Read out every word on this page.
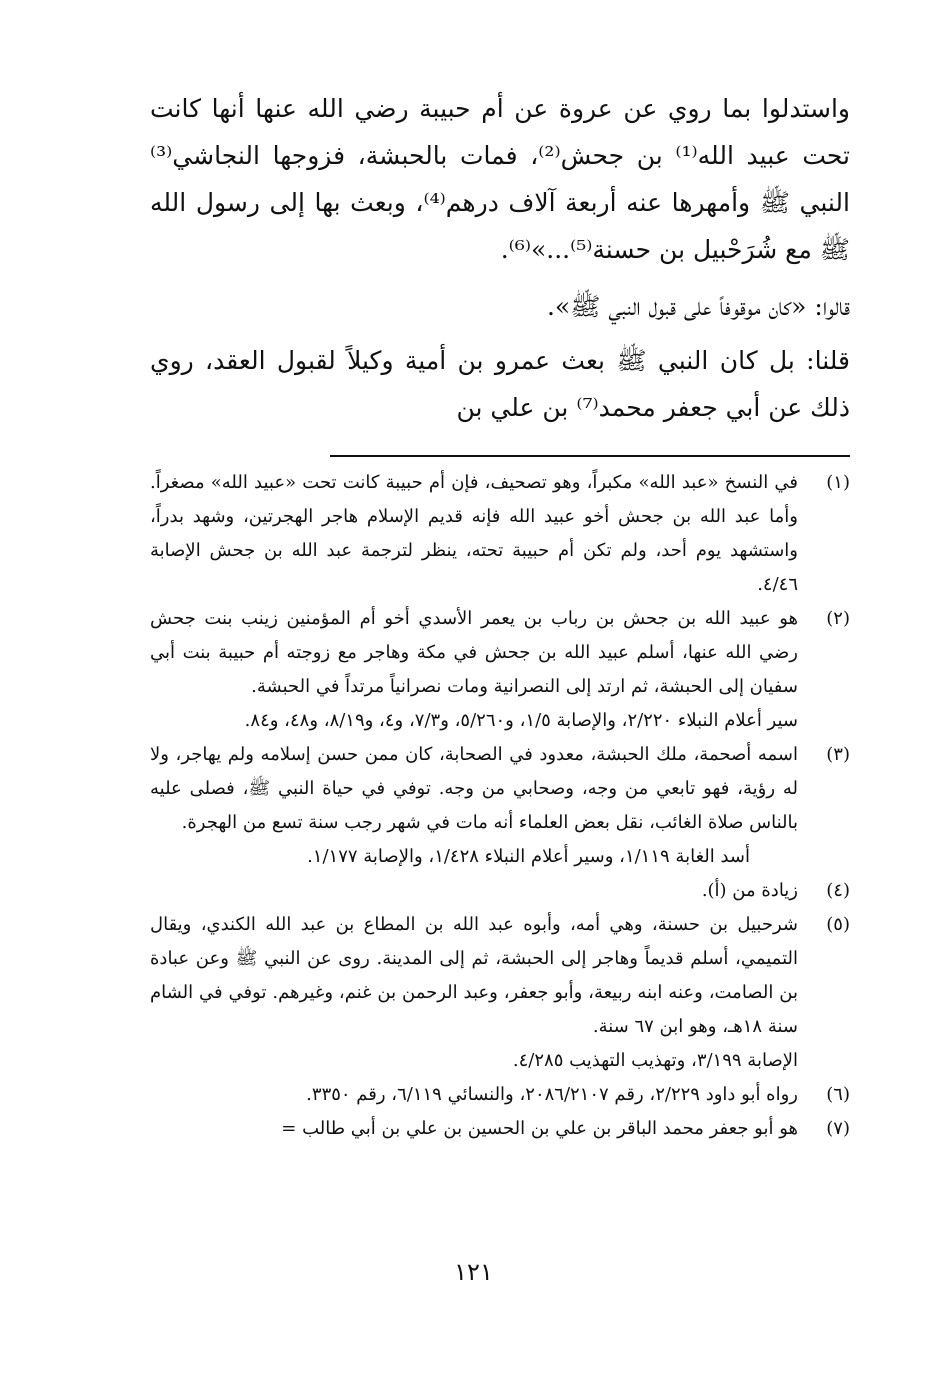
واستدلوا بما روي عن عروة عن أم حبيبة رضي الله عنها أنها كانت تحت عبيد الله⁽¹⁾ بن جحش⁽²⁾، فمات بالحبشة، فزوجها النجاشي⁽³⁾ النبي ﷺ وأمهرها عنه أربعة آلاف درهم⁽⁴⁾، وبعث بها إلى رسول الله ﷺ مع شُرَحْبيل بن حسنة⁽⁵⁾...»⁽⁶⁾.

قالوا: «كان موقوفاً على قبول النبي ﷺ».

قلنا: بل كان النبي ﷺ بعث عمرو بن أمية وكيلاً لقبول العقد، روي ذلك عن أبي جعفر محمد⁽⁷⁾ بن علي بن

(١)
في النسخ «عبد الله» مكبراً، وهو تصحيف، فإن أم حبيبة كانت تحت «عبيد الله» مصغراً. وأما عبد الله بن جحش أخو عبيد الله فإنه قديم الإسلام هاجر الهجرتين، وشهد بدراً، واستشهد يوم أحد، ولم تكن أم حبيبة تحته، ينظر لترجمة عبد الله بن جحش الإصابة ٤/٤٦.
(٢)
هو عبيد الله بن جحش بن رباب بن يعمر الأسدي أخو أم المؤمنين زينب بنت جحش رضي الله عنها، أسلم عبيد الله بن جحش في مكة وهاجر مع زوجته أم حبيبة بنت أبي سفيان إلى الحبشة، ثم ارتد إلى النصرانية ومات نصرانياً مرتداً في الحبشة.
سير أعلام النبلاء ٢/٢٢٠، والإصابة ١/٥، و٥/٢٦٠، و٧/٣، و٤، و٨/١٩، و٤٨، و٨٤.
(٣)
اسمه أصحمة، ملك الحبشة، معدود في الصحابة، كان ممن حسن إسلامه ولم يهاجر، ولا له رؤية، فهو تابعي من وجه، وصحابي من وجه. توفي في حياة النبي ﷺ، فصلى عليه بالناس صلاة الغائب، نقل بعض العلماء أنه مات في شهر رجب سنة تسع من الهجرة.
أسد الغابة ١/١١٩، وسير أعلام النبلاء ١/٤٢٨، والإصابة ١/١٧٧.
(٤)
زيادة من (أ).
(٥)
شرحبيل بن حسنة، وهي أمه، وأبوه عبد الله بن المطاع بن عبد الله الكندي، ويقال التميمي، أسلم قديماً وهاجر إلى الحبشة، ثم إلى المدينة. روى عن النبي ﷺ وعن عبادة بن الصامت، وعنه ابنه ربيعة، وأبو جعفر، وعبد الرحمن بن غنم، وغيرهم. توفي في الشام سنة ١٨هـ، وهو ابن ٦٧ سنة.
الإصابة ٣/١٩٩، وتهذيب التهذيب ٤/٢٨٥.
(٦)
رواه أبو داود ٢/٢٢٩، رقم ٢٠٨٦/٢١٠٧، والنسائي ٦/١١٩، رقم ٣٣٥٠.
(٧)
هو أبو جعفر محمد الباقر بن علي بن الحسين بن علي بن أبي طالب =
١٢١
